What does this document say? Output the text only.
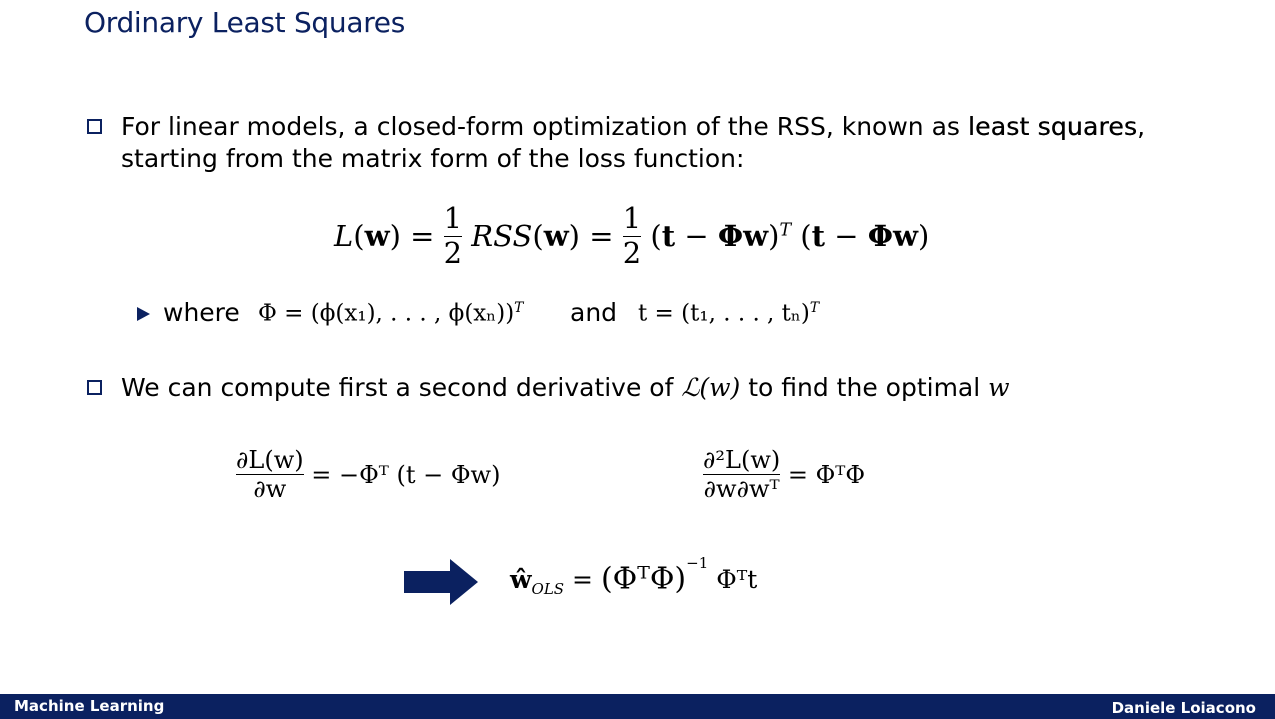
Ordinary Least Squares
For linear models, a closed-form optimization of the RSS, known as least squares,
starting from the matrix form of the loss function:
$L(w) = \frac{1}{2} RSS(w) = \frac{1}{2} (t - \Phi w)^T$ (t − Φw)
where Φ = (ϕ(x₁), . . . , ϕ(xₙ))$^T$ and t = (t₁, . . . , tₙ)$^T$
We can compute first a second derivative of ℒ(w) to find the optimal w
$\frac{\partial L(w)}{\partial w}$ = −Φᵀ (t − Φw)	$\frac{\text{∂²L(w)}}{\text{∂w∂wᵀ}}$ = ΦᵀΦ
$ŵ_{OLS}$ = (ΦᵀΦ)$^{-1}$ Φᵀt
Machine Learning	Daniele Loiacono
